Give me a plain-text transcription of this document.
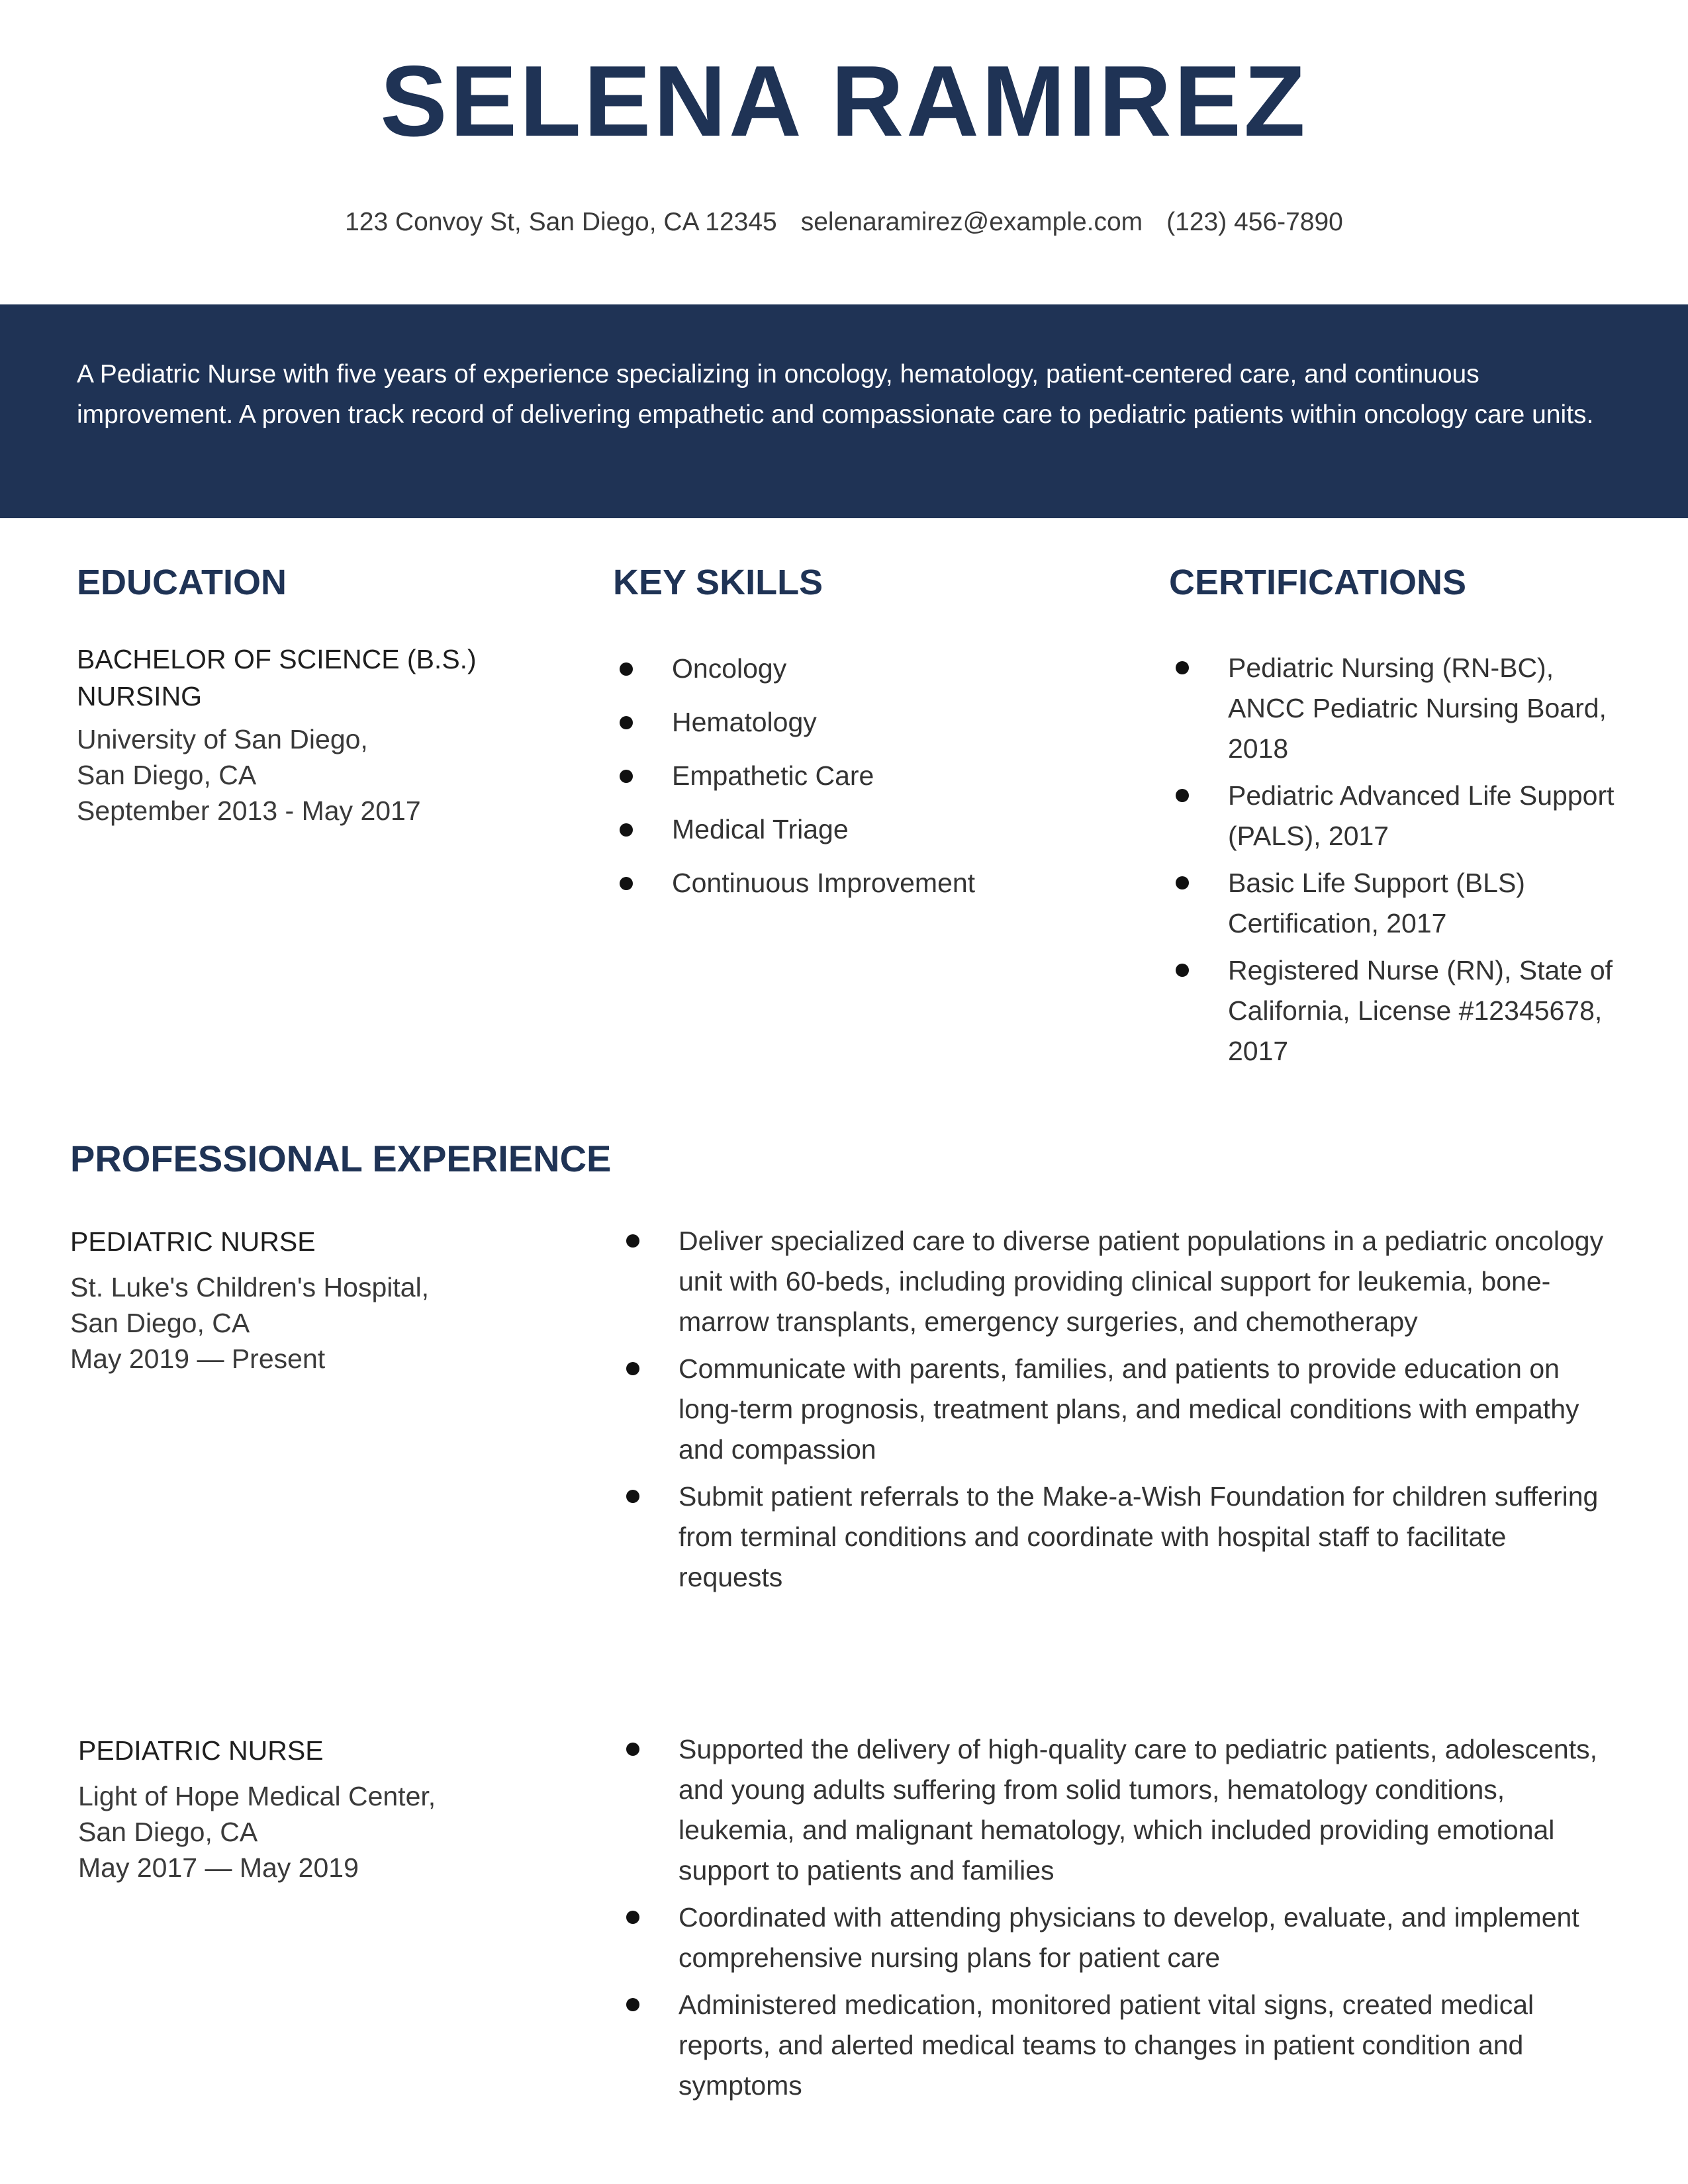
SELENA RAMIREZ
123 Convoy St, San Diego, CA 12345 selenaramirez@example.com (123) 456-7890
A Pediatric Nurse with five years of experience specializing in oncology, hematology, patient-centered care, and continuous improvement. A proven track record of delivering empathetic and compassionate care to pediatric patients within oncology care units.
EDUCATION
BACHELOR OF SCIENCE (B.S.) NURSING
University of San Diego,
San Diego, CA
September 2013 - May 2017
KEY SKILLS
Oncology
Hematology
Empathetic Care
Medical Triage
Continuous Improvement
CERTIFICATIONS
Pediatric Nursing (RN-BC), ANCC Pediatric Nursing Board, 2018
Pediatric Advanced Life Support (PALS), 2017
Basic Life Support (BLS) Certification, 2017
Registered Nurse (RN), State of California, License #12345678, 2017
PROFESSIONAL EXPERIENCE
PEDIATRIC NURSE
St. Luke's Children's Hospital,
San Diego, CA
May 2019 — Present
Deliver specialized care to diverse patient populations in a pediatric oncology unit with 60-beds, including providing clinical support for leukemia, bone-marrow transplants, emergency surgeries, and chemotherapy
Communicate with parents, families, and patients to provide education on long-term prognosis, treatment plans, and medical conditions with empathy and compassion
Submit patient referrals to the Make-a-Wish Foundation for children suffering from terminal conditions and coordinate with hospital staff to facilitate requests
PEDIATRIC NURSE
Light of Hope Medical Center,
San Diego, CA
May 2017 — May 2019
Supported the delivery of high-quality care to pediatric patients, adolescents, and young adults suffering from solid tumors, hematology conditions, leukemia, and malignant hematology, which included providing emotional support to patients and families
Coordinated with attending physicians to develop, evaluate, and implement comprehensive nursing plans for patient care
Administered medication, monitored patient vital signs, created medical reports, and alerted medical teams to changes in patient condition and symptoms
